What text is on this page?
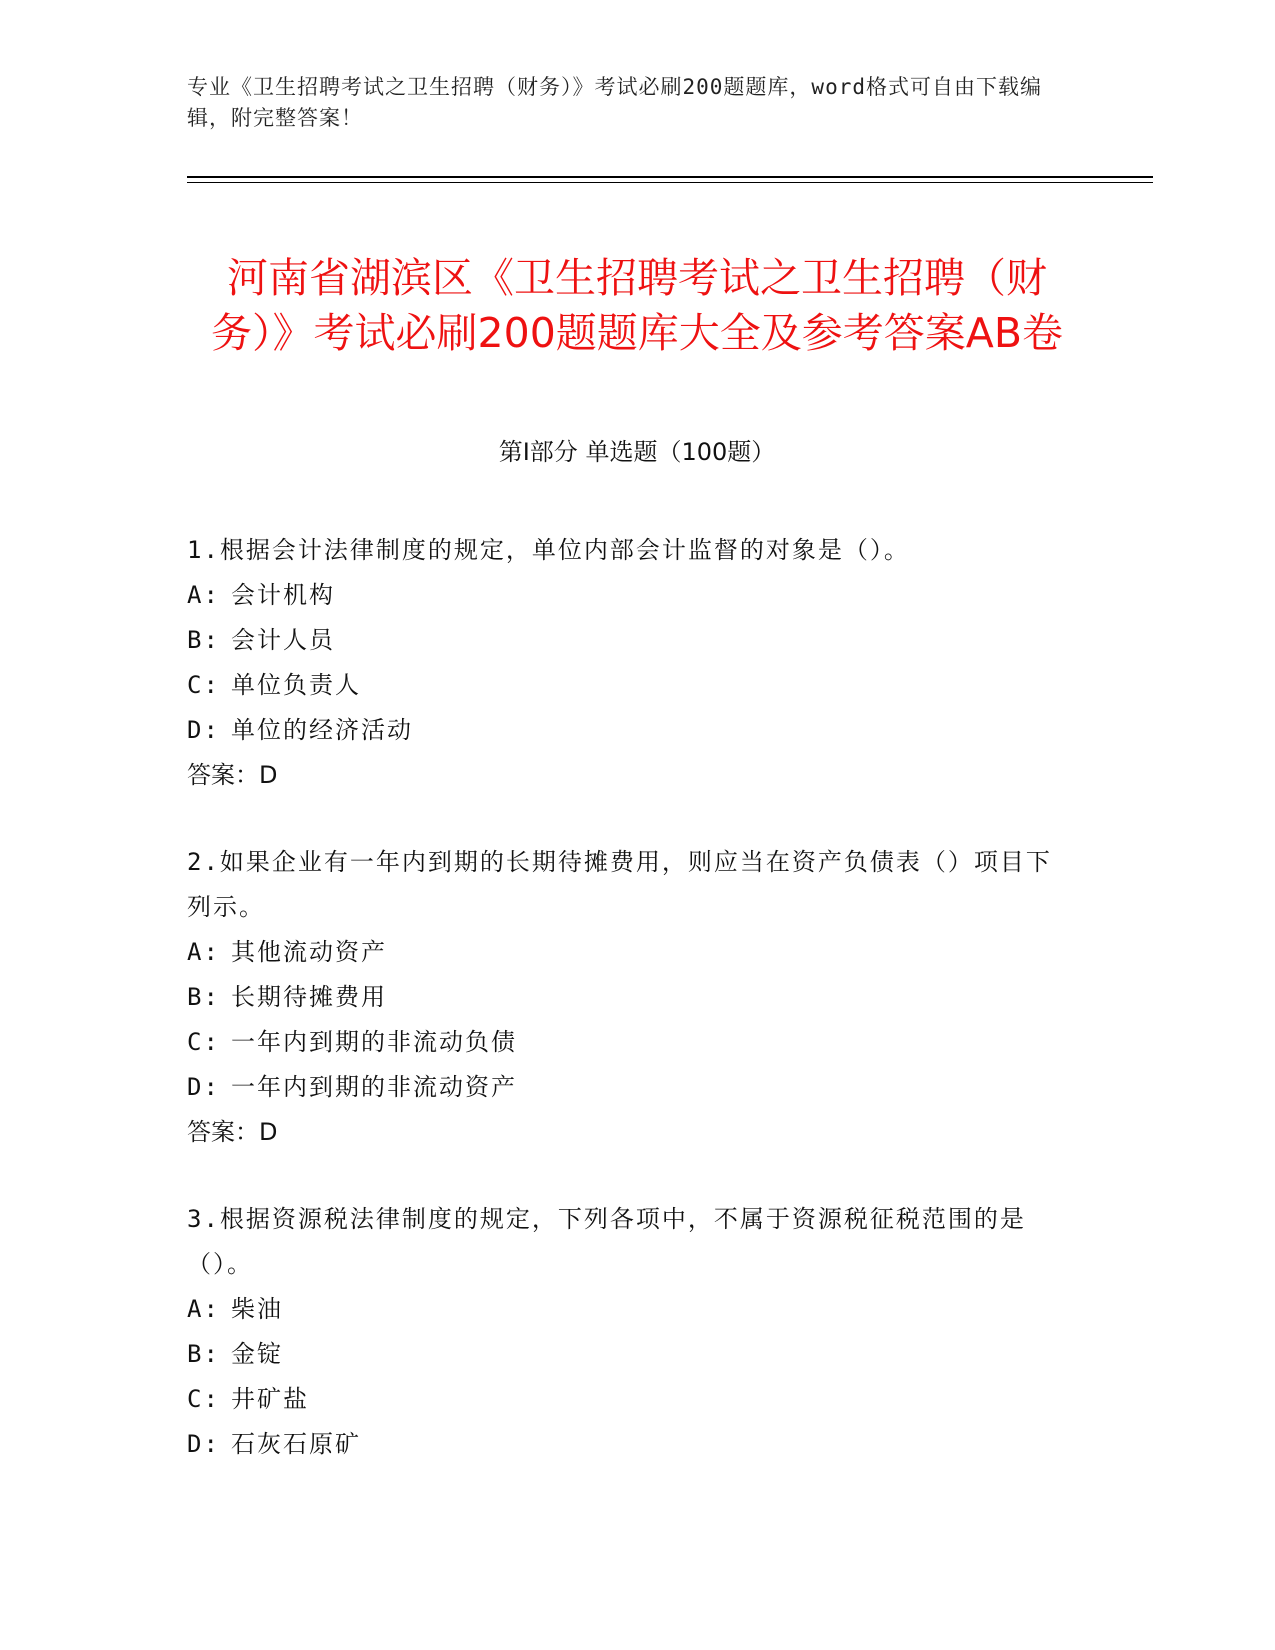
专业《卫生招聘考试之卫生招聘（财务）》考试必刷200题题库，word格式可自由下载编辑，附完整答案！
河南省湖滨区《卫生招聘考试之卫生招聘（财务）》考试必刷200题题库大全及参考答案AB卷
第Ⅰ部分 单选题（100题）
1.根据会计法律制度的规定，单位内部会计监督的对象是（）。
A: 会计机构
B: 会计人员
C: 单位负责人
D: 单位的经济活动
答案：D
2.如果企业有一年内到期的长期待摊费用，则应当在资产负债表（）项目下列示。
A: 其他流动资产
B: 长期待摊费用
C: 一年内到期的非流动负债
D: 一年内到期的非流动资产
答案：D
3.根据资源税法律制度的规定，下列各项中，不属于资源税征税范围的是（）。
A: 柴油
B: 金锭
C: 井矿盐
D: 石灰石原矿
